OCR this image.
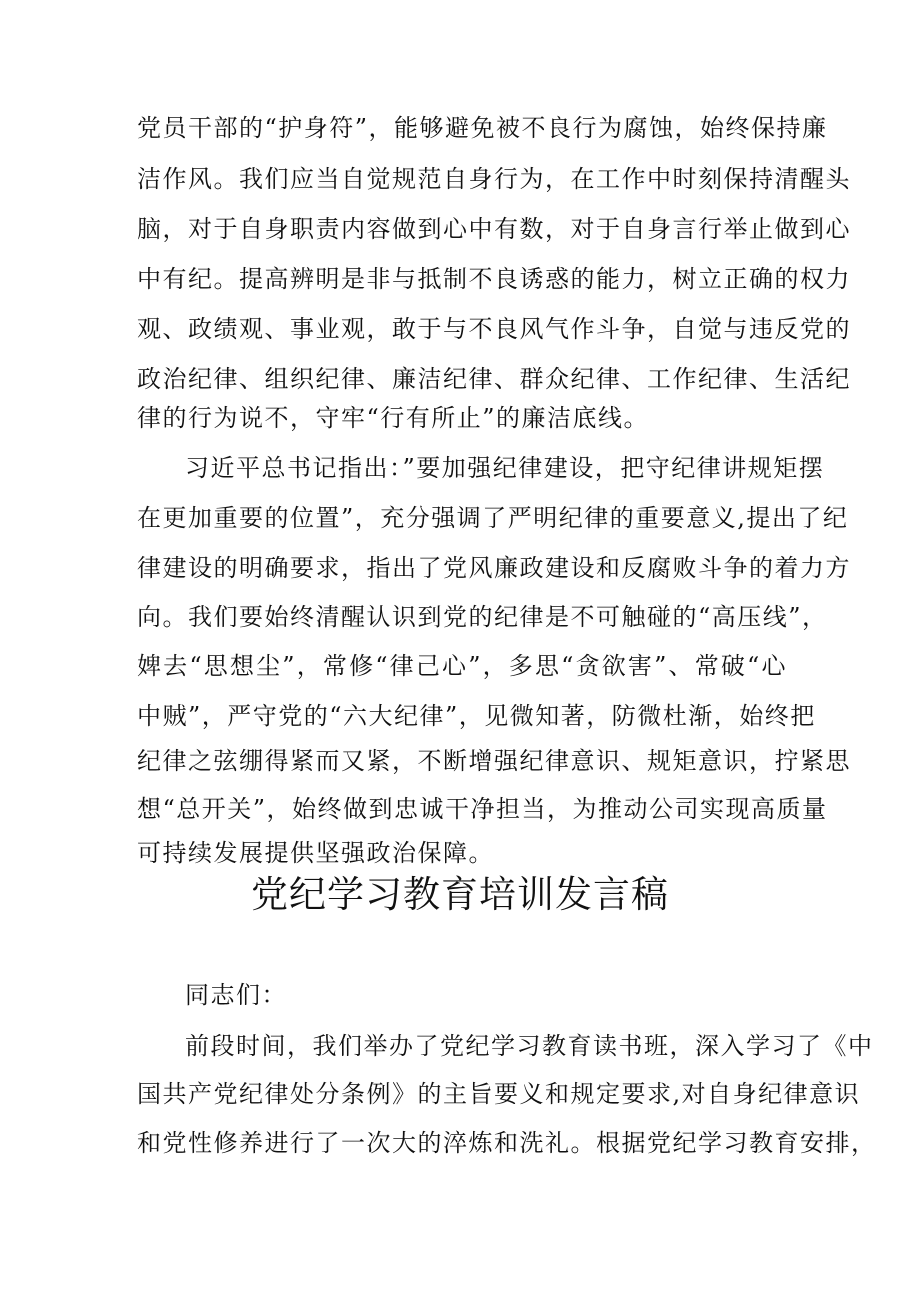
党员干部的“护身符”，能够避免被不良行为腐蚀，始终保持廉
洁作风。我们应当自觉规范自身行为，在工作中时刻保持清醒头
脑，对于自身职责内容做到心中有数，对于自身言行举止做到心
中有纪。提高辨明是非与抵制不良诱惑的能力，树立正确的权力
观、政绩观、事业观，敢于与不良风气作斗争，自觉与违反党的
政治纪律、组织纪律、廉洁纪律、群众纪律、工作纪律、生活纪
律的行为说不，守牢“行有所止”的廉洁底线。
习近平总书记指出：”要加强纪律建设，把守纪律讲规矩摆
在更加重要的位置”，充分强调了严明纪律的重要意义,提出了纪
律建设的明确要求，指出了党风廉政建设和反腐败斗争的着力方
向。我们要始终清醒认识到党的纪律是不可触碰的“高压线”，
婢去“思想尘”，常修“律己心”，多思“贪欲害”、常破“心
中贼”，严守党的“六大纪律”，见微知著，防微杜渐，始终把
纪律之弦绷得紧而又紧，不断增强纪律意识、规矩意识，拧紧思
想“总开关”，始终做到忠诚干净担当，为推动公司实现高质量
可持续发展提供坚强政治保障。
党纪学习教育培训发言稿
同志们：
前段时间，我们举办了党纪学习教育读书班，深入学习了《中
国共产党纪律处分条例》的主旨要义和规定要求,对自身纪律意识
和党性修养进行了一次大的淬炼和洗礼。根据党纪学习教育安排，
